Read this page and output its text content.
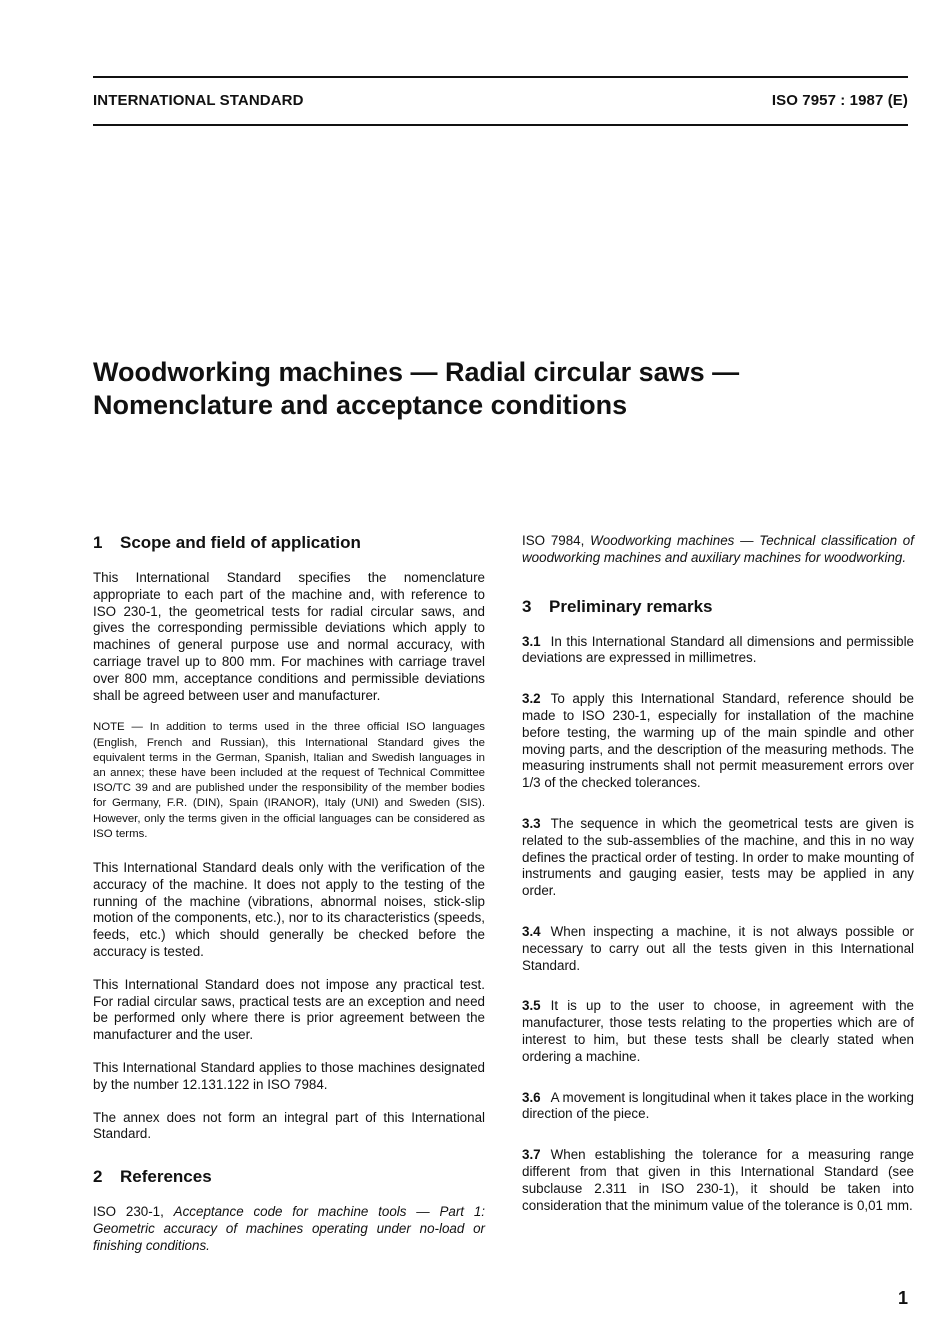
INTERNATIONAL STANDARD	ISO 7957 : 1987 (E)
Woodworking machines — Radial circular saws —
Nomenclature and acceptance conditions
1 Scope and field of application

This International Standard specifies the nomenclature appropriate to each part of the machine and, with reference to ISO 230-1, the geometrical tests for radial circular saws, and gives the corresponding permissible deviations which apply to machines of general purpose use and normal accuracy, with carriage travel up to 800 mm. For machines with carriage travel over 800 mm, acceptance conditions and permissible deviations shall be agreed between user and manufacturer.

NOTE — In addition to terms used in the three official ISO languages (English, French and Russian), this International Standard gives the equivalent terms in the German, Spanish, Italian and Swedish languages in an annex; these have been included at the request of Technical Committee ISO/TC 39 and are published under the responsibility of the member bodies for Germany, F.R. (DIN), Spain (IRANOR), Italy (UNI) and Sweden (SIS). However, only the terms given in the official languages can be considered as ISO terms.

This International Standard deals only with the verification of the accuracy of the machine. It does not apply to the testing of the running of the machine (vibrations, abnormal noises, stick-slip motion of the components, etc.), nor to its characteristics (speeds, feeds, etc.) which should generally be checked before the accuracy is tested.

This International Standard does not impose any practical test. For radial circular saws, practical tests are an exception and need be performed only where there is prior agreement between the manufacturer and the user.

This International Standard applies to those machines designated by the number 12.131.122 in ISO 7984.

The annex does not form an integral part of this International Standard.

2 References

ISO 230-1, Acceptance code for machine tools — Part 1: Geometric accuracy of machines operating under no-load or finishing conditions.

ISO 7984, Woodworking machines — Technical classification of woodworking machines and auxiliary machines for woodworking.

3 Preliminary remarks

3.1 In this International Standard all dimensions and permissible deviations are expressed in millimetres.

3.2 To apply this International Standard, reference should be made to ISO 230-1, especially for installation of the machine before testing, the warming up of the main spindle and other moving parts, and the description of the measuring methods. The measuring instruments shall not permit measurement errors over 1/3 of the checked tolerances.

3.3 The sequence in which the geometrical tests are given is related to the sub-assemblies of the machine, and this in no way defines the practical order of testing. In order to make mounting of instruments and gauging easier, tests may be applied in any order.

3.4 When inspecting a machine, it is not always possible or necessary to carry out all the tests given in this International Standard.

3.5 It is up to the user to choose, in agreement with the manufacturer, those tests relating to the properties which are of interest to him, but these tests shall be clearly stated when ordering a machine.

3.6 A movement is longitudinal when it takes place in the working direction of the piece.

3.7 When establishing the tolerance for a measuring range different from that given in this International Standard (see subclause 2.311 in ISO 230-1), it should be taken into consideration that the minimum value of the tolerance is 0,01 mm.

1
